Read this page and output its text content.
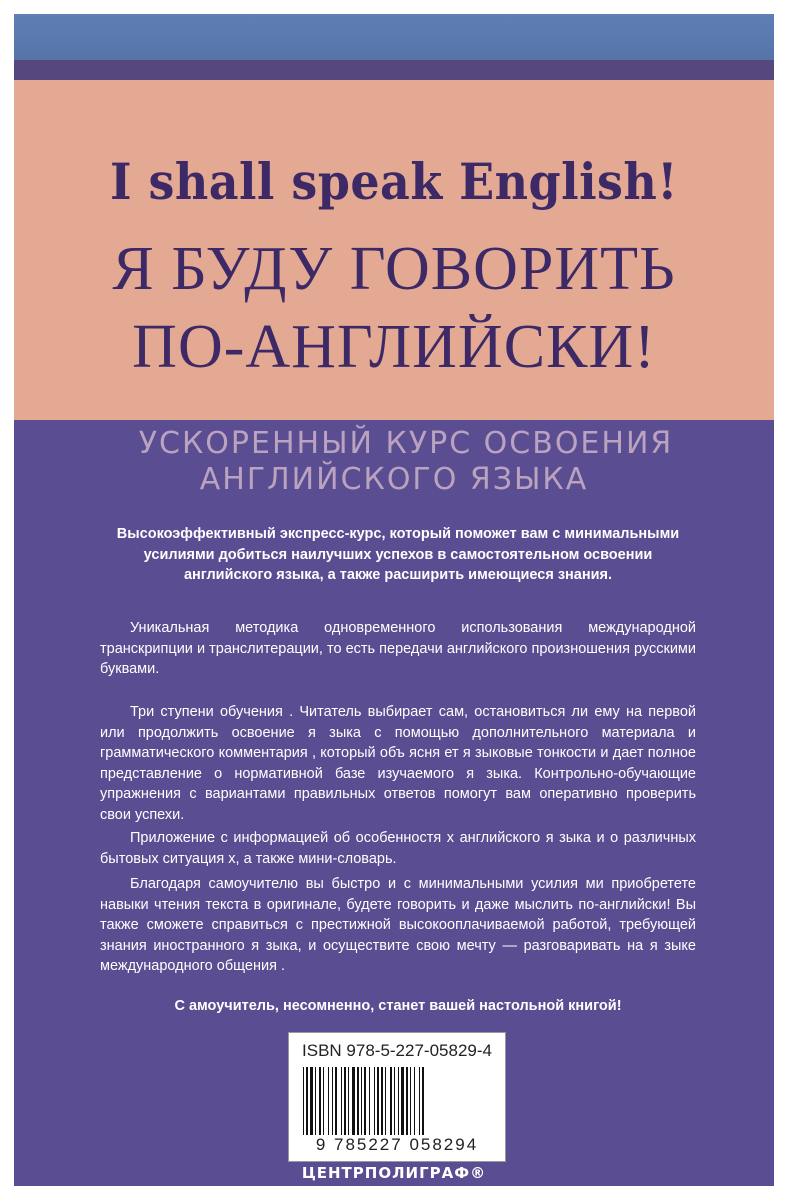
I shall speak English!
Я БУДУ ГОВОРИТЬ
ПО-АНГЛИЙСКИ!
УСКОРЕННЫЙ КУРС ОСВОЕНИЯ
АНГЛИЙСКОГО ЯЗЫКА
Высокоэффективный экспресс-курс, который поможет вам с минимальными усилиями добиться наилучших успехов в самостоятельном освоении английского языка, а также расширить имеющиеся знания.
Уникальная методика одновременного использования международной транскрипции и транслитерации, то есть передачи английского произношения русскими буквами.
Три ступени обучения . Читатель выбирает сам, остановиться ли ему на первой или продолжить освоение я зыка с помощью дополнительного материала и грамматического комментария , который объ ясня ет я зыковые тонкости и дает полное представление о нормативной базе изучаемого я зыка. Контрольно-обучающие упражнения с вариантами правильных ответов помогут вам оперативно проверить свои успехи.
Приложение с информацией об особенностя х английского я зыка и о различных бытовых ситуация х, а также мини-словарь.
Благодаря самоучителю вы быстро и с минимальными усилия ми приобретете навыки чтения текста в оригинале, будете говорить и даже мыслить по-английски! Вы также сможете справиться с престижной высокооплачиваемой работой, требующей знания иностранного я зыка, и осуществите свою мечту — разговаривать на я зыке международного общения .
С амоучитель, несомненно, станет вашей настольной книгой!
ISBN 978-5-227-05829-4
9 785227 058294
ЦЕНТРПОЛИГРАФ®
